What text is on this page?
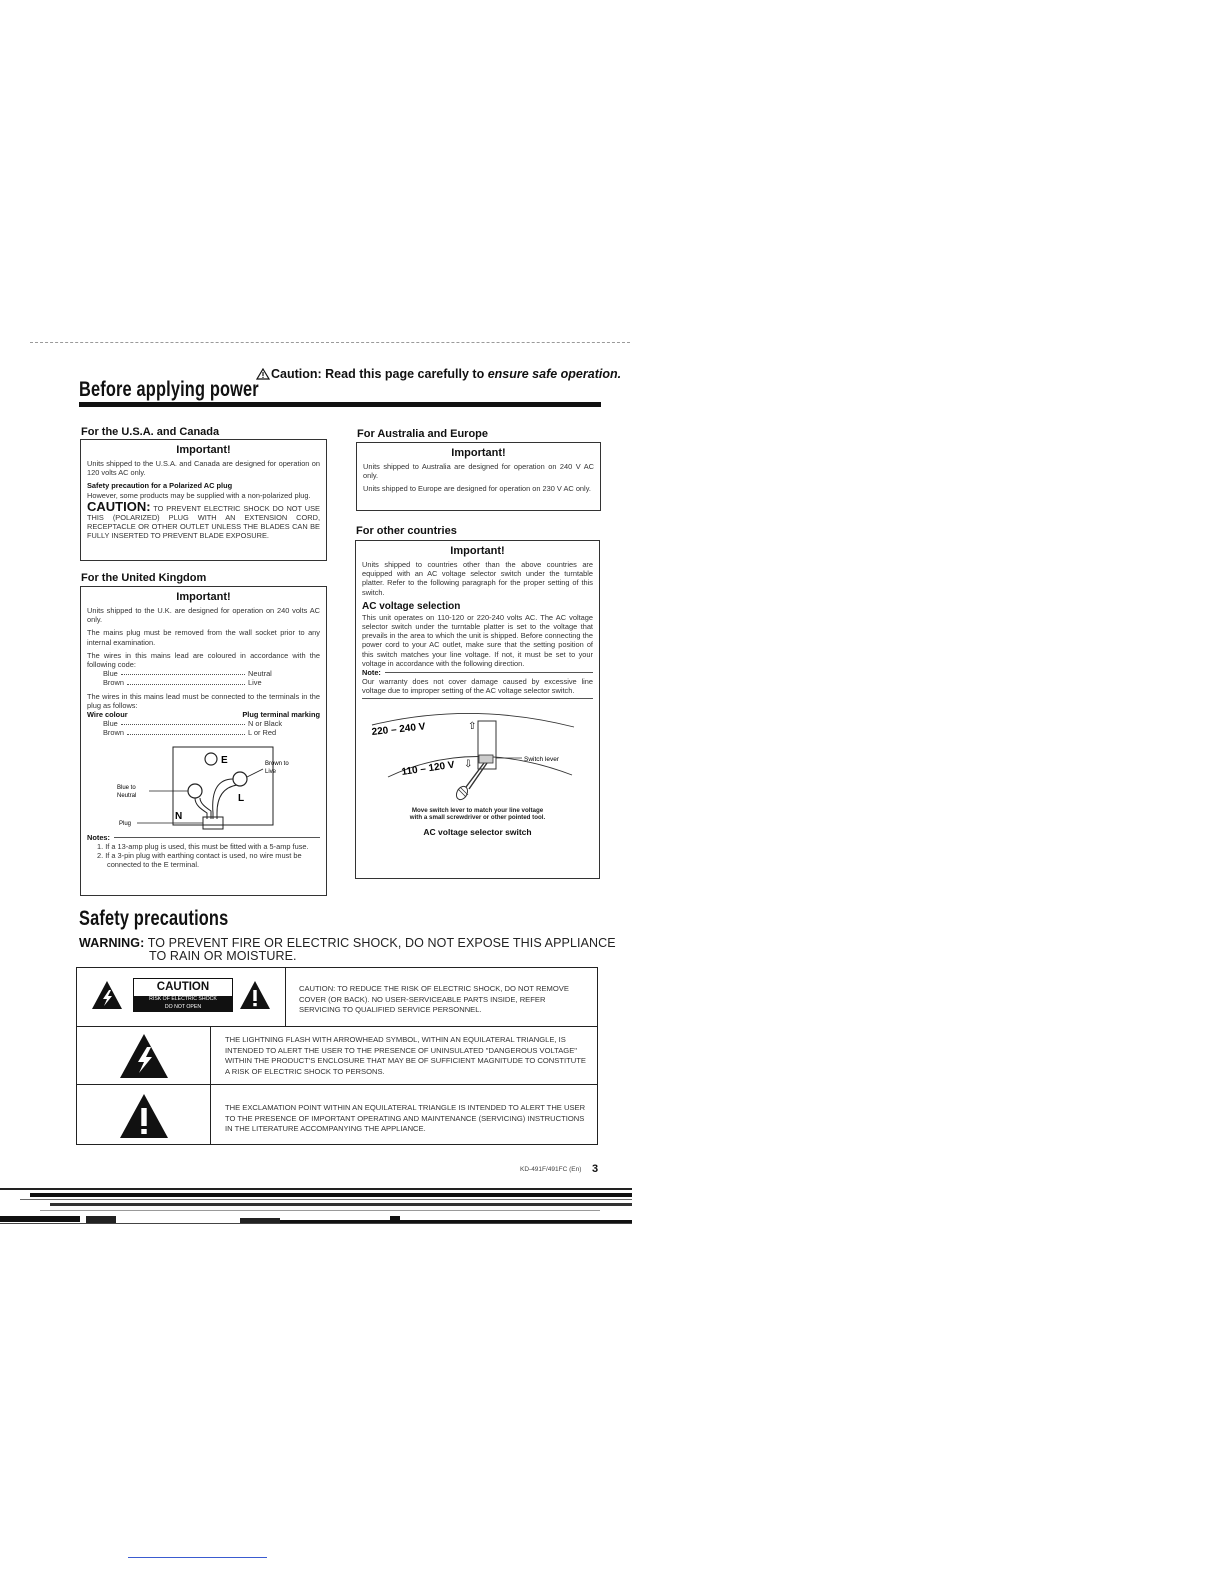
Caution: Read this page carefully to ensure safe operation.
Before applying power
For the U.S.A. and Canada
Important!

Units shipped to the U.S.A. and Canada are designed for operation on 120 volts AC only.

Safety precaution for a Polarized AC plug

However, some products may be supplied with a non-polarized plug.

CAUTION: TO PREVENT ELECTRIC SHOCK DO NOT USE THIS (POLARIZED) PLUG WITH AN EXTENSION CORD, RECEPTACLE OR OTHER OUTLET UNLESS THE BLADES CAN BE FULLY INSERTED TO PREVENT BLADE EXPOSURE.

For the United Kingdom
Important!

Units shipped to the U.K. are designed for operation on 240 volts AC only.

The mains plug must be removed from the wall socket prior to any internal examination.

The wires in this mains lead are coloured in accordance with the following code:

Blue	Neutral
Brown	Live

The wires in this mains lead must be connected to the terminals in the plug as follows:

Wire colour	Plug terminal marking
Blue	N or Black
Brown	L or Red
E
L
N
Brown to
Live
Blue to
Neutral
Plug
Notes:
1. If a 13-amp plug is used, this must be fitted with a 5-amp fuse.
2. If a 3-pin plug with earthing contact is used, no wire must be connected to the E terminal.
For Australia and Europe
Important!

Units shipped to Australia are designed for operation on 240 V AC only.

Units shipped to Europe are designed for operation on 230 V AC only.

For other countries
Important!

Units shipped to countries other than the above countries are equipped with an AC voltage selector switch under the turntable platter. Refer to the following paragraph for the proper setting of this switch.

AC voltage selection

This unit operates on 110-120 or 220-240 volts AC. The AC voltage selector switch under the turntable platter is set to the voltage that prevails in the area to which the unit is shipped. Before connecting the power cord to your AC outlet, make sure that the setting position of this switch matches your line voltage. If not, it must be set to your voltage in accordance with the following direction.

Note:

Our warranty does not cover damage caused by excessive line voltage due to improper setting of the AC voltage selector switch.

220 – 240 V	⇧
110 – 120 V ⇩	Switch lever
Move switch lever to match your line voltage
with a small screwdriver or other pointed tool.
AC voltage selector switch
Safety precautions
WARNING: TO PREVENT FIRE OR ELECTRIC SHOCK, DO NOT EXPOSE THIS APPLIANCE
TO RAIN OR MOISTURE.
CAUTION
RISK OF ELECTRIC SHOCK
DO NOT OPEN
CAUTION: TO REDUCE THE RISK OF ELECTRIC SHOCK, DO NOT REMOVE COVER (OR BACK). NO USER-SERVICEABLE PARTS INSIDE, REFER SERVICING TO QUALIFIED SERVICE PERSONNEL.
THE LIGHTNING FLASH WITH ARROWHEAD SYMBOL, WITHIN AN EQUILATERAL TRIANGLE, IS INTENDED TO ALERT THE USER TO THE PRESENCE OF UNINSULATED "DANGEROUS VOLTAGE" WITHIN THE PRODUCT'S ENCLOSURE THAT MAY BE OF SUFFICIENT MAGNITUDE TO CONSTITUTE A RISK OF ELECTRIC SHOCK TO PERSONS.
THE EXCLAMATION POINT WITHIN AN EQUILATERAL TRIANGLE IS INTENDED TO ALERT THE USER TO THE PRESENCE OF IMPORTANT OPERATING AND MAINTENANCE (SERVICING) INSTRUCTIONS IN THE LITERATURE ACCOMPANYING THE APPLIANCE.
KD-491F/491FC (En) 3
